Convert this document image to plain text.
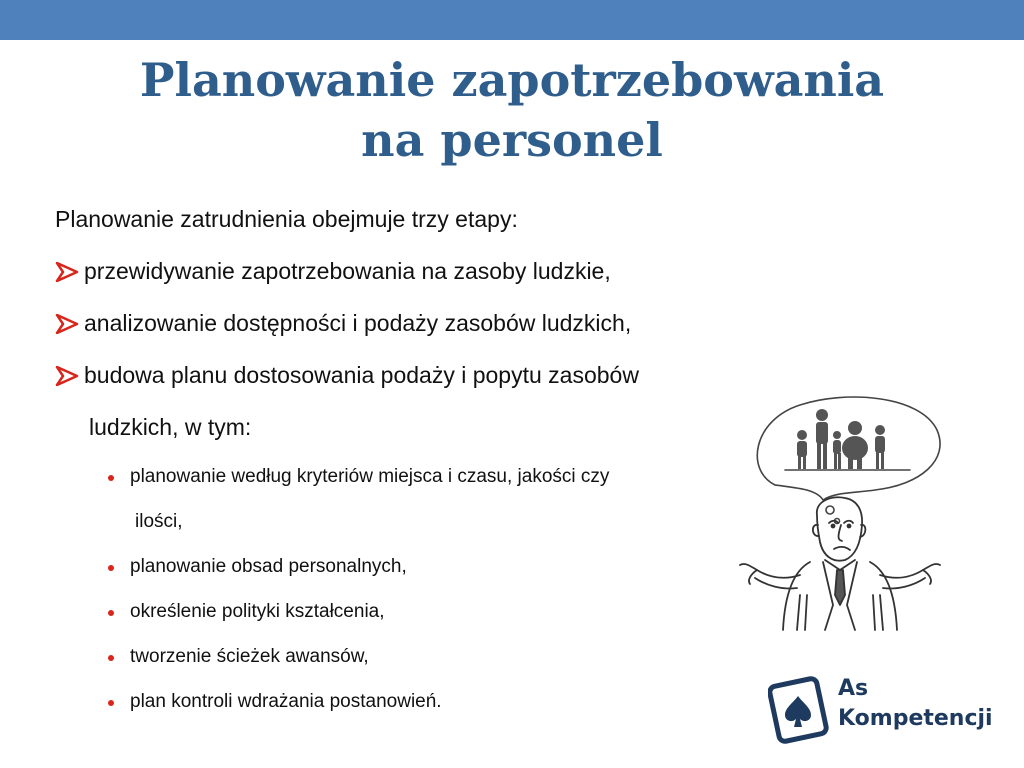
Planowanie zapotrzebowania
na personel
Planowanie zatrudnienia obejmuje trzy etapy:
przewidywanie zapotrzebowania na zasoby ludzkie,
analizowanie dostępności i podaży zasobów ludzkich,
budowa planu dostosowania podaży i popytu zasobów
ludzkich, w tym:
planowanie według kryteriów miejsca i czasu, jakości czy
ilości,
planowanie obsad personalnych,
określenie polityki kształcenia,
tworzenie ścieżek awansów,
plan kontroli wdrażania postanowień.
As
Kompetencji
